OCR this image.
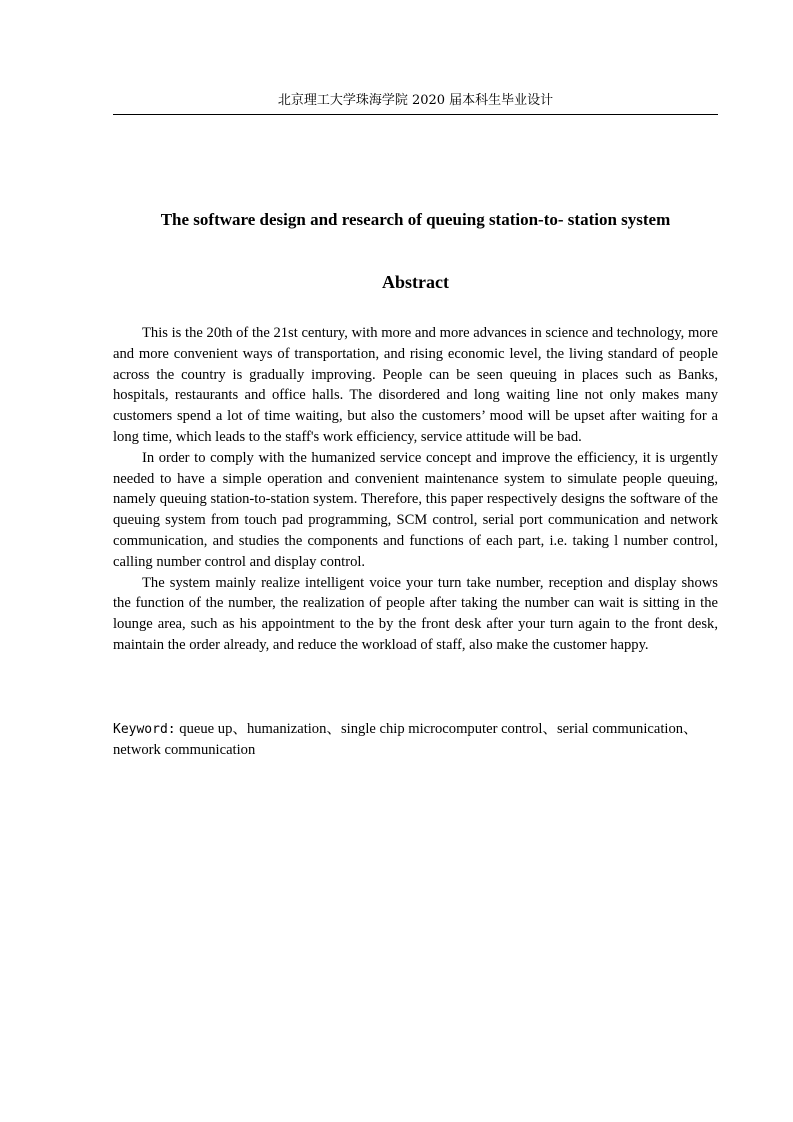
北京理工大学珠海学院 2020 届本科生毕业设计
The software design and research of queuing station-to- station system
Abstract

This is the 20th of the 21st century, with more and more advances in science and technology, more and more convenient ways of transportation, and rising economic level, the living standard of people across the country is gradually improving. People can be seen queuing in places such as Banks, hospitals, restaurants and office halls. The disordered and long waiting line not only makes many customers spend a lot of time waiting, but also the customers’ mood will be upset after waiting for a long time, which leads to the staff's work efficiency, service attitude will be bad.

In order to comply with the humanized service concept and improve the efficiency, it is urgently needed to have a simple operation and convenient maintenance system to simulate people queuing, namely queuing station-to-station system. Therefore, this paper respectively designs the software of the queuing system from touch pad programming, SCM control, serial port communication and network communication, and studies the components and functions of each part, i.e. taking l number control, calling number control and display control.

The system mainly realize intelligent voice your turn take number, reception and display shows the function of the number, the realization of people after taking the number can wait is sitting in the lounge area, such as his appointment to the by the front desk after your turn again to the front desk, maintain the order already, and reduce the workload of staff, also make the customer happy.

Keyword: queue up、humanization、single chip microcomputer control、serial communication、network communication
